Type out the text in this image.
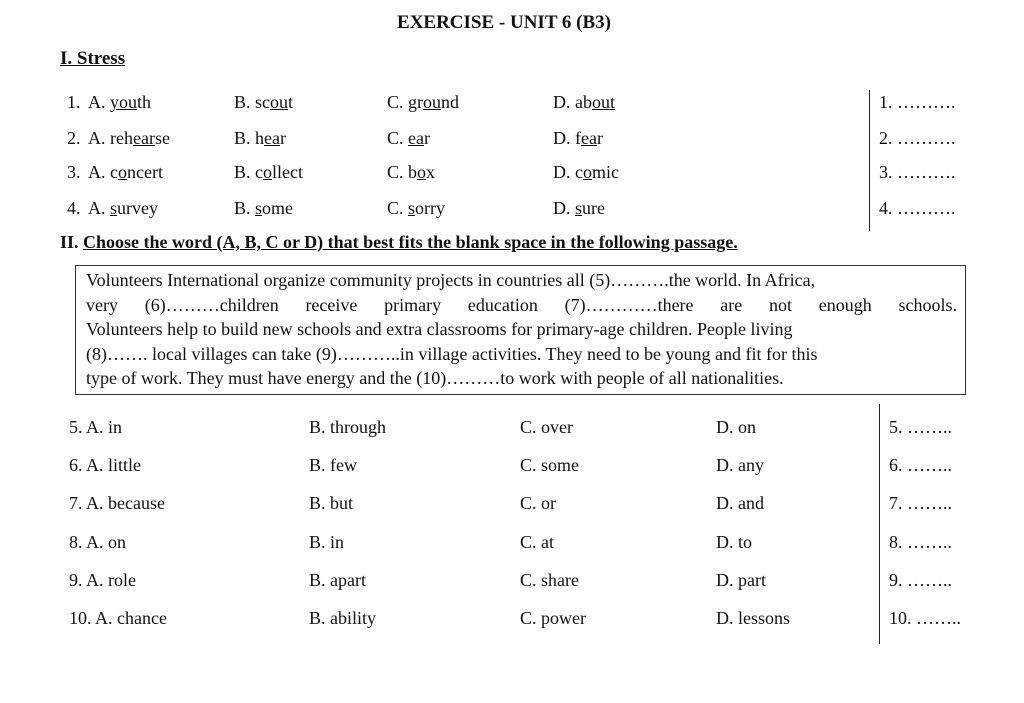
EXERCISE - UNIT 6 (B3)
I. Stress
1. A. youth	B. scout	C. ground	D. about	1. ……….
2. A. rehearse	B. hear	C. ear	D. fear	2. ……….
3. A. concert	B. collect	C. box	D. comic	3. ……….
4. A. survey	B. some	C. sorry	D. sure	4. ……….
II. Choose the word (A, B, C or D) that best fits the blank space in the following passage.
Volunteers International organize community projects in countries all (5)……….the world. In Africa,
very (6)………children receive primary education (7)…………there are not enough schools.
Volunteers help to build new schools and extra classrooms for primary-age children. People living
(8)……. local villages can take (9)………..in village activities. They need to be young and fit for this
type of work. They must have energy and the (10)………to work with people of all nationalities.
5. A. in	B. through	C. over	D. on	5. ……..
6. A. little	B. few	C. some	D. any	6. ……..
7. A. because	B. but	C. or	D. and	7. ……..
8. A. on	B. in	C. at	D. to	8. ……..
9. A. role	B. apart	C. share	D. part	9. ……..
10. A. chance	B. ability	C. power	D. lessons	10. ……..
